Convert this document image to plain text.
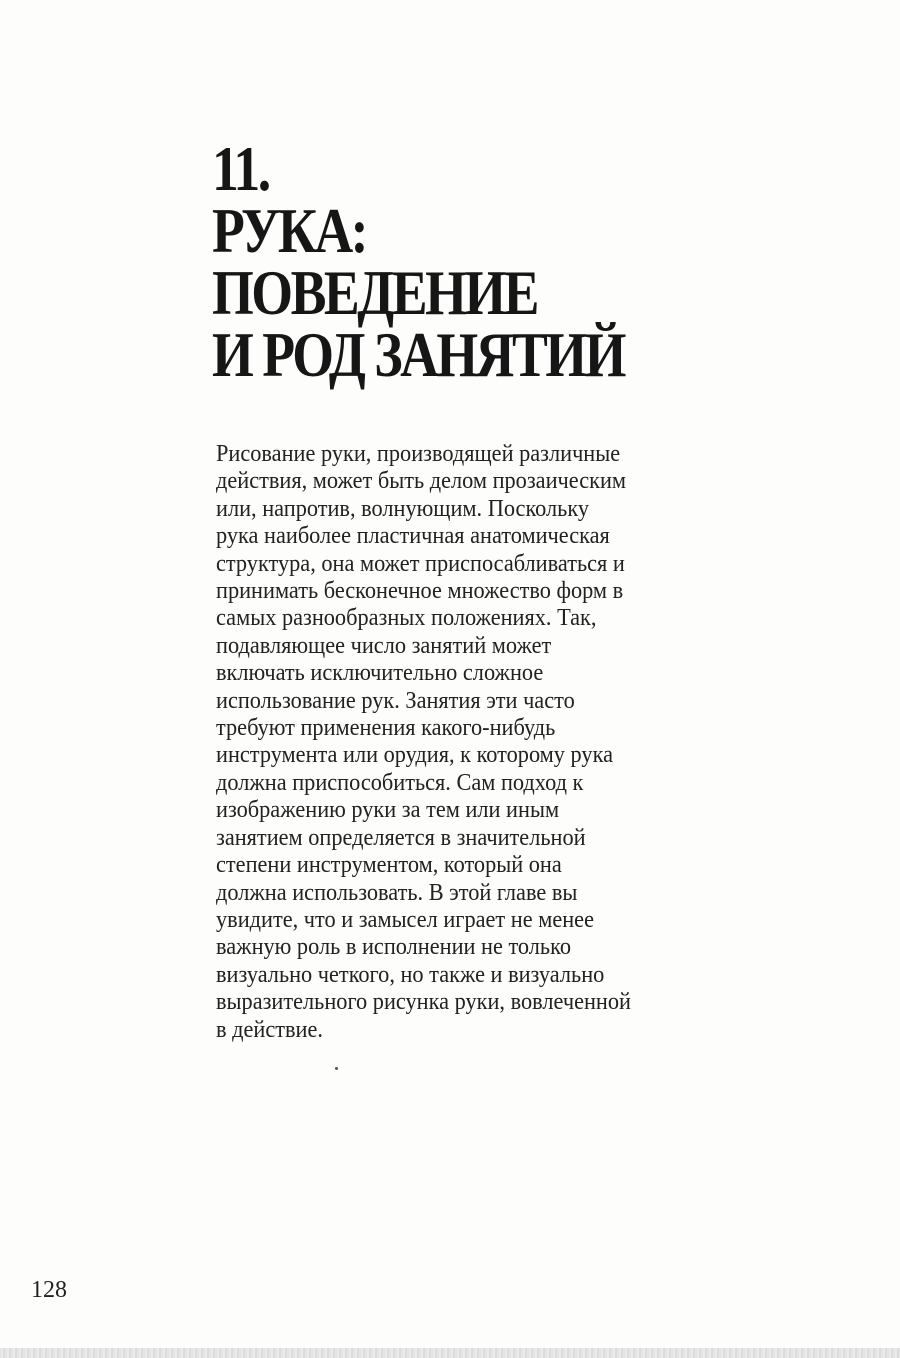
11.
РУКА:
ПОВЕДЕНИЕ
И РОД ЗАНЯТИЙ
Рисование руки, производящей различные
действия, может быть делом прозаическим
или, напротив, волнующим. Поскольку
рука наиболее пластичная анатомическая
структура, она может приспосабливаться и
принимать бесконечное множество форм в
самых разнообразных положениях. Так,
подавляющее число занятий может
включать исключительно сложное
использование рук. Занятия эти часто
требуют применения какого-нибудь
инструмента или орудия, к которому рука
должна приспособиться. Сам подход к
изображению руки за тем или иным
занятием определяется в значительной
степени инструментом, который она
должна использовать. В этой главе вы
увидите, что и замысел играет не менее
важную роль в исполнении не только
визуально четкого, но также и визуально
выразительного рисунка руки, вовлеченной
в действие.
128
